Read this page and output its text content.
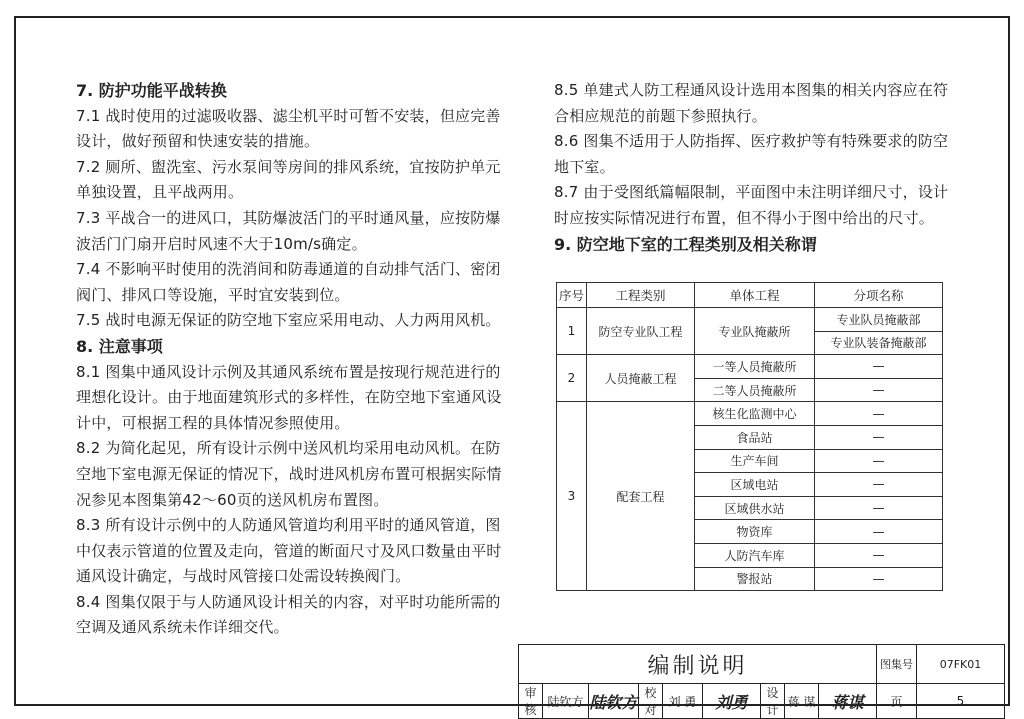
7. 防护功能平战转换

7.1 战时使用的过滤吸收器、滤尘机平时可暂不安装，但应完善设计，做好预留和快速安装的措施。

7.2 厕所、盥洗室、污水泵间等房间的排风系统，宜按防护单元单独设置，且平战两用。

7.3 平战合一的进风口，其防爆波活门的平时通风量，应按防爆波活门门扇开启时风速不大于10m/s确定。

7.4 不影响平时使用的洗消间和防毒通道的自动排气活门、密闭阀门、排风口等设施，平时宜安装到位。

7.5 战时电源无保证的防空地下室应采用电动、人力两用风机。

8. 注意事项

8.1 图集中通风设计示例及其通风系统布置是按现行规范进行的理想化设计。由于地面建筑形式的多样性，在防空地下室通风设计中，可根据工程的具体情况参照使用。

8.2 为简化起见，所有设计示例中送风机均采用电动风机。在防空地下室电源无保证的情况下，战时进风机房布置可根据实际情况参见本图集第42～60页的送风机房布置图。

8.3 所有设计示例中的人防通风管道均利用平时的通风管道，图中仅表示管道的位置及走向，管道的断面尺寸及风口数量由平时通风设计确定，与战时风管接口处需设转换阀门。

8.4 图集仅限于与人防通风设计相关的内容，对平时功能所需的空调及通风系统未作详细交代。

8.5 单建式人防工程通风设计选用本图集的相关内容应在符合相应规范的前题下参照执行。

8.6 图集不适用于人防指挥、医疗救护等有特殊要求的防空地下室。

8.7 由于受图纸篇幅限制，平面图中未注明详细尺寸，设计时应按实际情况进行布置，但不得小于图中给出的尺寸。

9. 防空地下室的工程类别及相关称谓
序号	工程类别	单体工程	分项名称
1	防空专业队工程	专业队掩蔽所	专业队员掩蔽部
			专业队装备掩蔽部
2	人员掩蔽工程	一等人员掩蔽所	—
		二等人员掩蔽所	—
3	配套工程	核生化监测中心	—
		食品站	—
		生产车间	—
		区域电站	—
		区域供水站	—
		物资库	—
		人防汽车库	—
		警报站	—
编制说明									图集号	07FK01
审核	陆钦方	陆钦方	校对	刘 勇	刘勇	设计	蒋 谋	蒋谋	页	5
